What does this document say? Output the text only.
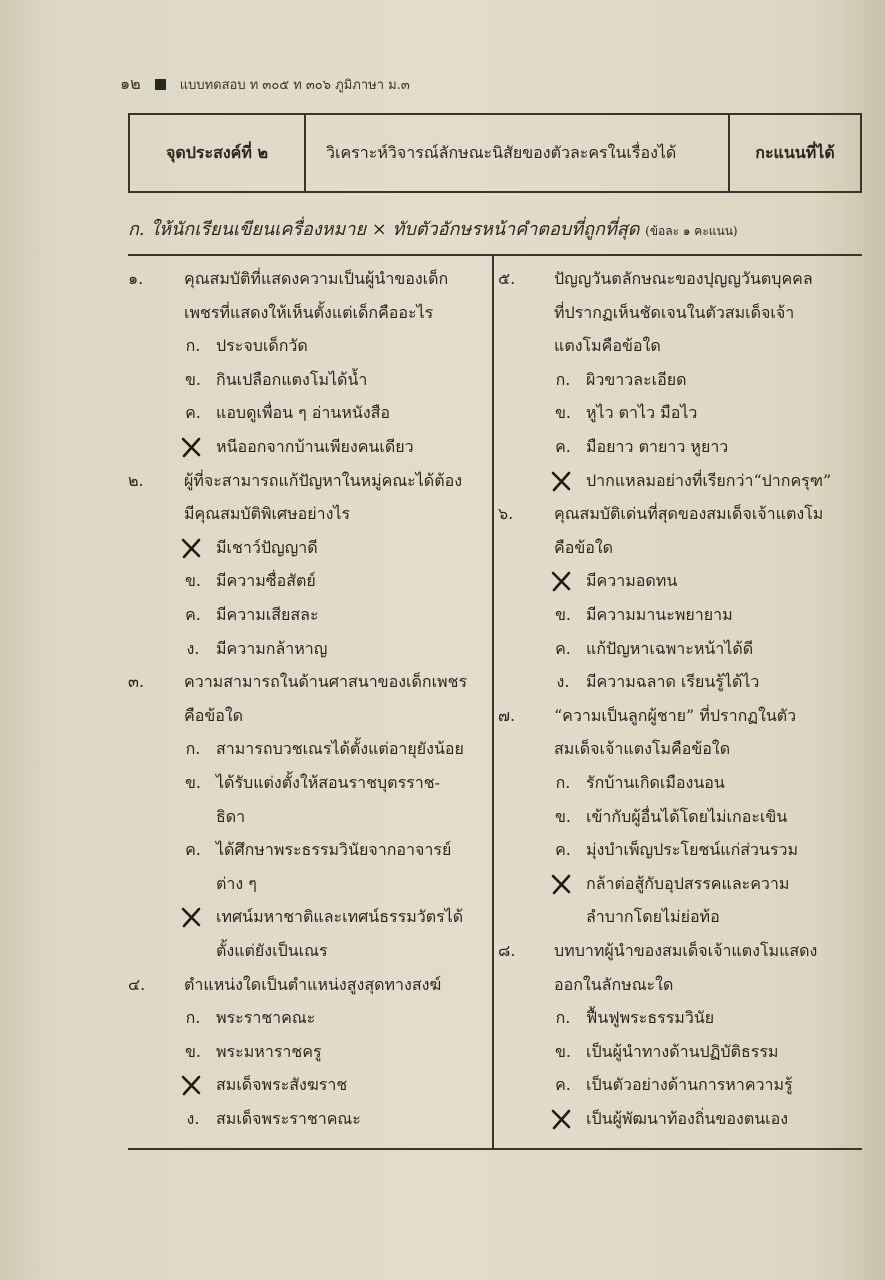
๑๒	แบบทดสอบ ท ๓๐๕ ท ๓๐๖ ภูมิภาษา ม.๓
จุดประสงค์ที่ ๒	วิเคราะห์วิจารณ์ลักษณะนิสัยของตัวละครในเรื่องได้	กะแนนที่ได้
ก. ให้นักเรียนเขียนเครื่องหมาย × ทับตัวอักษรหน้าคำตอบที่ถูกที่สุด (ข้อละ ๑ คะแนน)
๑.	คุณสมบัติที่แสดงความเป็นผู้นำของเด็ก
เพชรที่แสดงให้เห็นตั้งแต่เด็กคืออะไร
ก. ประจบเด็กวัด
ข. กินเปลือกแตงโมได้น้ำ
ค. แอบดูเพื่อน ๆ อ่านหนังสือ
หนีออกจากบ้านเพียงคนเดียว
๒.	ผู้ที่จะสามารถแก้ปัญหาในหมู่คณะได้ต้อง
มีคุณสมบัติพิเศษอย่างไร
มีเชาว์ปัญญาดี
ข. มีความซื่อสัตย์
ค. มีความเสียสละ
ง.	มีความกล้าหาญ
๓.	ความสามารถในด้านศาสนาของเด็กเพชร
คือข้อใด
ก. สามารถบวชเณรได้ตั้งแต่อายุยังน้อย
ข. ได้รับแต่งตั้งให้สอนราชบุตรราช-
ธิดา
ค. ได้ศึกษาพระธรรมวินัยจากอาจารย์
ต่าง ๆ
เทศน์มหาชาติและเทศน์ธรรมวัตรได้
ตั้งแต่ยังเป็นเณร
๔.	ตำแหน่งใดเป็นตำแหน่งสูงสุดทางสงฆ์
ก. พระราชาคณะ
ข. พระมหาราชครู
สมเด็จพระสังฆราช
ง.	สมเด็จพระราชาคณะ
๕.	ปัญญวันตลักษณะของปุญญวันตบุคคล
ที่ปรากฏเห็นชัดเจนในตัวสมเด็จเจ้า
แตงโมคือข้อใด
ก. ผิวขาวละเอียด
ข. หูไว ตาไว มือไว
ค. มือยาว ตายาว หูยาว
ปากแหลมอย่างที่เรียกว่า“ปากครุฑ”
๖.	คุณสมบัติเด่นที่สุดของสมเด็จเจ้าแตงโม
คือข้อใด
มีความอดทน
ข. มีความมานะพยายาม
ค. แก้ปัญหาเฉพาะหน้าได้ดี
ง.	มีความฉลาด เรียนรู้ได้ไว
๗.	“ความเป็นลูกผู้ชาย” ที่ปรากฏในตัว
สมเด็จเจ้าแตงโมคือข้อใด
ก. รักบ้านเกิดเมืองนอน
ข. เข้ากับผู้อื่นได้โดยไม่เกอะเขิน
ค. มุ่งบำเพ็ญประโยชน์แก่ส่วนรวม
กล้าต่อสู้กับอุปสรรคและความ
ลำบากโดยไม่ย่อท้อ
๘.	บทบาทผู้นำของสมเด็จเจ้าแตงโมแสดง
ออกในลักษณะใด
ก. ฟื้นฟูพระธรรมวินัย
ข. เป็นผู้นำทางด้านปฏิบัติธรรม
ค. เป็นตัวอย่างด้านการหาความรู้
เป็นผู้พัฒนาท้องถิ่นของตนเอง
